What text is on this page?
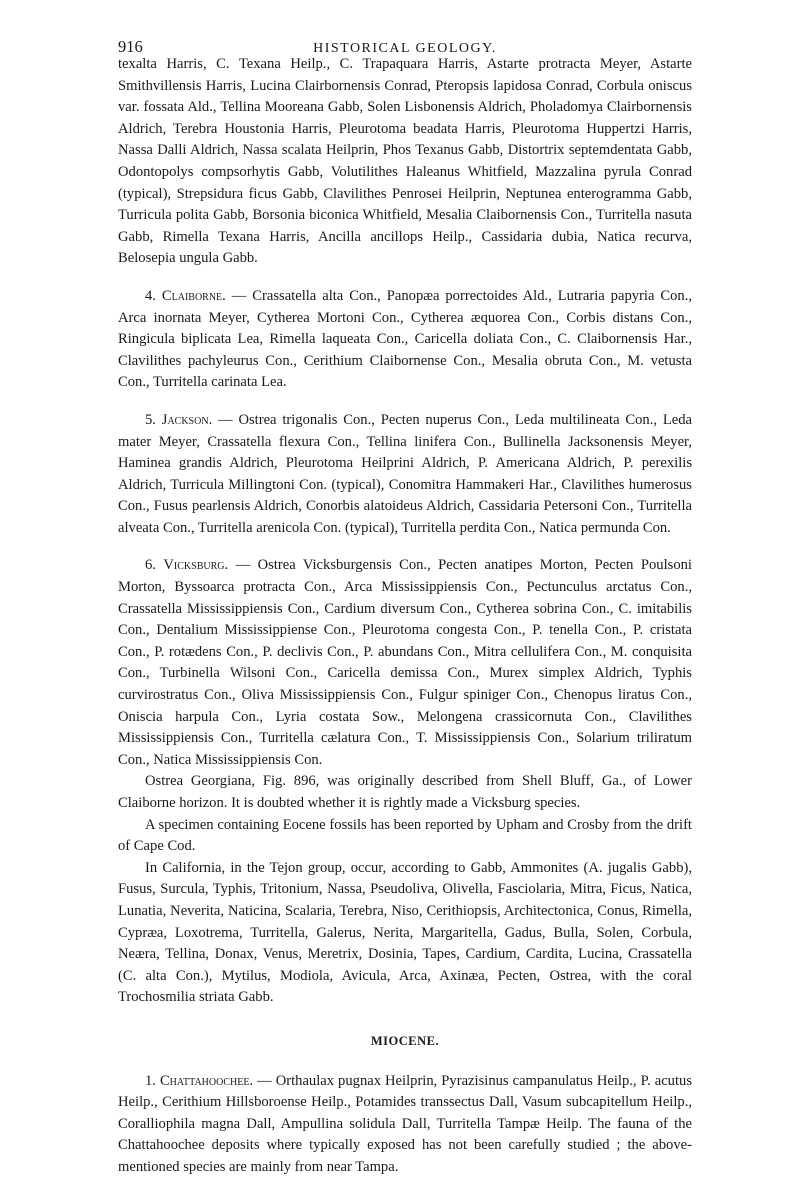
916	HISTORICAL GEOLOGY.

texalta Harris, C. Texana Heilp., C. Trapaquara Harris, Astarte protracta Meyer, Astarte Smithvillensis Harris, Lucina Clairbornensis Conrad, Pteropsis lapidosa Conrad, Corbula oniscus var. fossata Ald., Tellina Mooreana Gabb, Solen Lisbonensis Aldrich, Pholadomya Clairbornensis Aldrich, Terebra Houstonia Harris, Pleurotoma beadata Harris, Pleurotoma Huppertzi Harris, Nassa Dalli Aldrich, Nassa scalata Heilprin, Phos Texanus Gabb, Distortrix septemdentata Gabb, Odontopolys compsorhytis Gabb, Volutilithes Haleanus Whitfield, Mazzalina pyrula Conrad (typical), Strepsidura ficus Gabb, Clavilithes Penrosei Heilprin, Neptunea enterogramma Gabb, Turricula polita Gabb, Borsonia biconica Whitfield, Mesalia Claibornensis Con., Turritella nasuta Gabb, Rimella Texana Harris, Ancilla ancillops Heilp., Cassidaria dubia, Natica recurva, Belosepia ungula Gabb.

4. Claiborne. — Crassatella alta Con., Panopæa porrectoides Ald., Lutraria papyria Con., Arca inornata Meyer, Cytherea Mortoni Con., Cytherea æquorea Con., Corbis distans Con., Ringicula biplicata Lea, Rimella laqueata Con., Caricella doliata Con., C. Claibornensis Har., Clavilithes pachyleurus Con., Cerithium Claibornense Con., Mesalia obruta Con., M. vetusta Con., Turritella carinata Lea.

5. Jackson. — Ostrea trigonalis Con., Pecten nuperus Con., Leda multilineata Con., Leda mater Meyer, Crassatella flexura Con., Tellina linifera Con., Bullinella Jacksonensis Meyer, Haminea grandis Aldrich, Pleurotoma Heilprini Aldrich, P. Americana Aldrich, P. perexilis Aldrich, Turricula Millingtoni Con. (typical), Conomitra Hammakeri Har., Clavilithes humerosus Con., Fusus pearlensis Aldrich, Conorbis alatoideus Aldrich, Cassidaria Petersoni Con., Turritella alveata Con., Turritella arenicola Con. (typical), Turritella perdita Con., Natica permunda Con.

6. Vicksburg. — Ostrea Vicksburgensis Con., Pecten anatipes Morton, Pecten Poulsoni Morton, Byssoarca protracta Con., Arca Mississippiensis Con., Pectunculus arctatus Con., Crassatella Mississippiensis Con., Cardium diversum Con., Cytherea sobrina Con., C. imitabilis Con., Dentalium Mississippiense Con., Pleurotoma congesta Con., P. tenella Con., P. cristata Con., P. rotædens Con., P. declivis Con., P. abundans Con., Mitra cellulifera Con., M. conquisita Con., Turbinella Wilsoni Con., Caricella demissa Con., Murex simplex Aldrich, Typhis curvirostratus Con., Oliva Mississippiensis Con., Fulgur spiniger Con., Chenopus liratus Con., Oniscia harpula Con., Lyria costata Sow., Melongena crassicornuta Con., Clavilithes Mississippiensis Con., Turritella cælatura Con., T. Mississippiensis Con., Solarium triliratum Con., Natica Mississippiensis Con.

Ostrea Georgiana, Fig. 896, was originally described from Shell Bluff, Ga., of Lower Claiborne horizon. It is doubted whether it is rightly made a Vicksburg species.

A specimen containing Eocene fossils has been reported by Upham and Crosby from the drift of Cape Cod.

In California, in the Tejon group, occur, according to Gabb, Ammonites (A. jugalis Gabb), Fusus, Surcula, Typhis, Tritonium, Nassa, Pseudoliva, Olivella, Fasciolaria, Mitra, Ficus, Natica, Lunatia, Neverita, Naticina, Scalaria, Terebra, Niso, Cerithiopsis, Architectonica, Conus, Rimella, Cypræa, Loxotrema, Turritella, Galerus, Nerita, Margaritella, Gadus, Bulla, Solen, Corbula, Neæra, Tellina, Donax, Venus, Meretrix, Dosinia, Tapes, Cardium, Cardita, Lucina, Crassatella (C. alta Con.), Mytilus, Modiola, Avicula, Arca, Axinæa, Pecten, Ostrea, with the coral Trochosmilia striata Gabb.

MIOCENE.

1. Chattahoochee. — Orthaulax pugnax Heilprin, Pyrazisinus campanulatus Heilp., P. acutus Heilp., Cerithium Hillsboroense Heilp., Potamides transsectus Dall, Vasum subcapitellum Heilp., Coralliophila magna Dall, Ampullina solidula Dall, Turritella Tampæ Heilp. The fauna of the Chattahoochee deposits where typically exposed has not been carefully studied ; the above-mentioned species are mainly from near Tampa.
